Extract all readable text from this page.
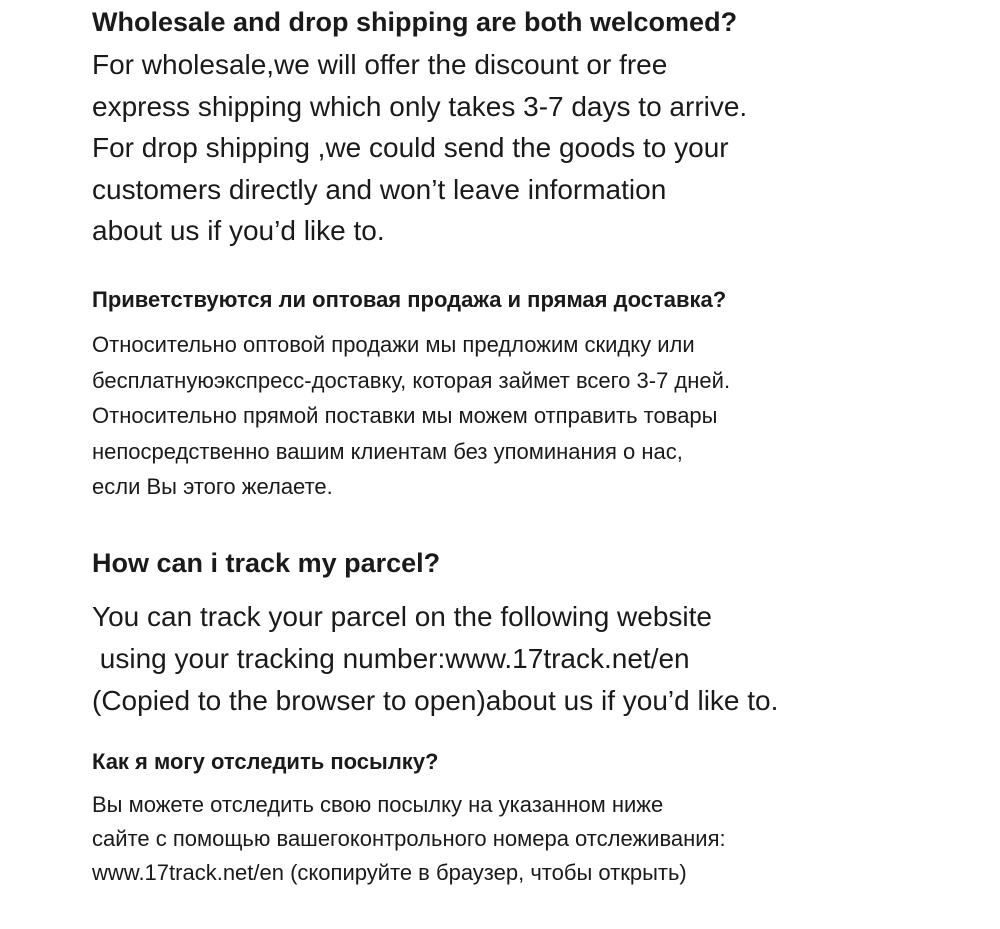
Wholesale and drop shipping are both welcomed?
For wholesale,we will offer the discount or free
express shipping which only takes 3-7 days to arrive.
For drop shipping ,we could send the goods to your
customers directly and won’t leave information
about us if you’d like to.
Приветствуются ли оптовая продажа и прямая доставка?
Относительно оптовой продажи мы предложим скидку или
бесплатнуюэкспресс-доставку, которая займет всего 3-7 дней.
Относительно прямой поставки мы можем отправить товары
непосредственно вашим клиентам без упоминания о нас,
если Вы этого желаете.
How can i track my parcel?
You can track your parcel on the following website
using your tracking number:www.17track.net/en
(Copied to the browser to open)about us if you’d like to.
Как я могу отследить посылку?
Вы можете отследить свою посылку на указанном ниже
сайте с помощью вашегоконтрольного номера отслеживания:
www.17track.net/en (скопируйте в браузер, чтобы открыть)
